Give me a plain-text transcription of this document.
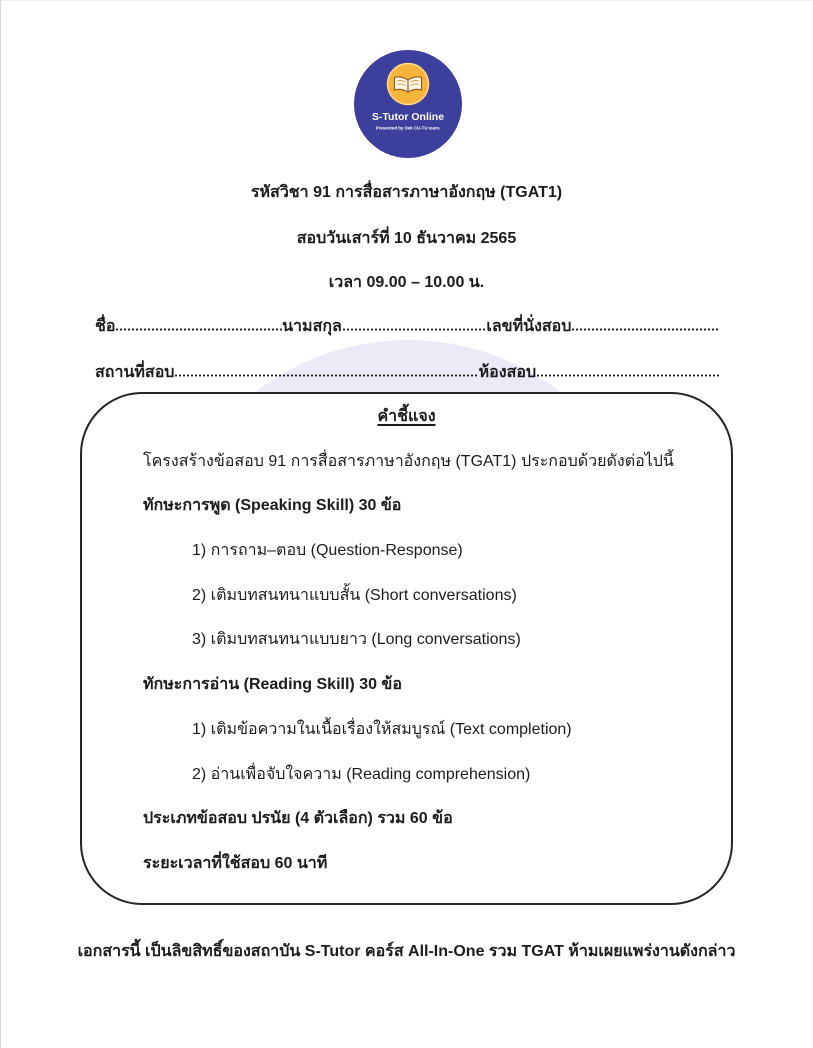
S-Tutor Online
Presented by Dek CU-TU team.
รหัสวิชา 91 การสื่อสารภาษาอังกฤษ (TGAT1)
สอบวันเสาร์ที่ 10 ธันวาคม 2565
เวลา 09.00 – 10.00 น.
ชื่อ	นามสกุล	เลขที่นั่งสอบ
สถานที่สอบ	ห้องสอบ
คำชี้แจง
โครงสร้างข้อสอบ 91 การสื่อสารภาษาอังกฤษ (TGAT1) ประกอบด้วยดังต่อไปนี้
ทักษะการพูด (Speaking Skill) 30 ข้อ
1) การถาม–ตอบ (Question-Response)
2) เติมบทสนทนาแบบสั้น (Short conversations)
3) เติมบทสนทนาแบบยาว (Long conversations)
ทักษะการอ่าน (Reading Skill) 30 ข้อ
1) เติมข้อความในเนื้อเรื่องให้สมบูรณ์ (Text completion)
2) อ่านเพื่อจับใจความ (Reading comprehension)
ประเภทข้อสอบ ปรนัย (4 ตัวเลือก) รวม 60 ข้อ
ระยะเวลาที่ใช้สอบ 60 นาที
เอกสารนี้ เป็นลิขสิทธิ์ของสถาบัน S-Tutor คอร์ส All-In-One รวม TGAT ห้ามเผยแพร่งานดังกล่าว
